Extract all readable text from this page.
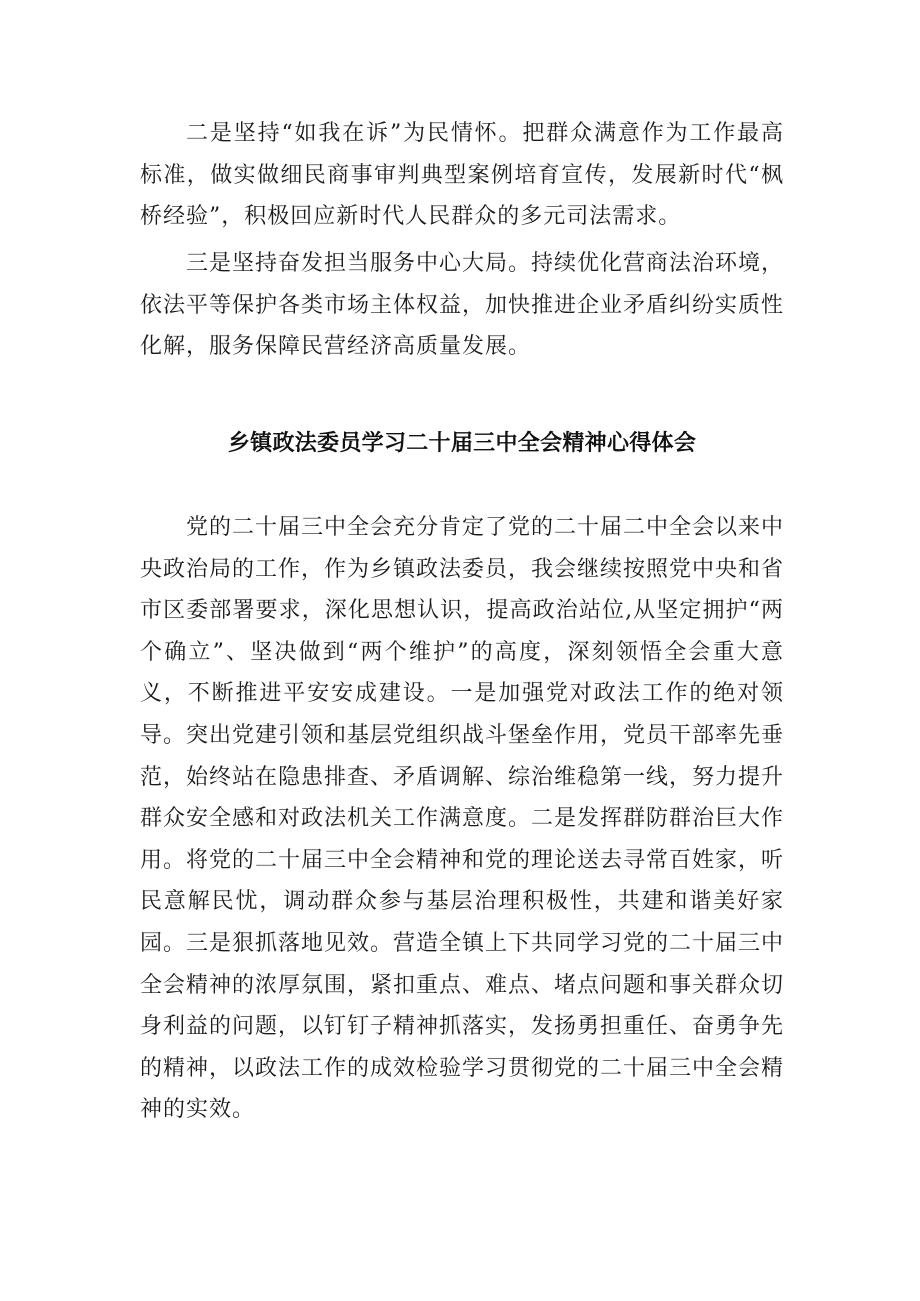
二是坚持“如我在诉”为民情怀。把群众满意作为工作最高标准，做实做细民商事审判典型案例培育宣传，发展新时代“枫桥经验”，积极回应新时代人民群众的多元司法需求。

三是坚持奋发担当服务中心大局。持续优化营商法治环境，依法平等保护各类市场主体权益，加快推进企业矛盾纠纷实质性化解，服务保障民营经济高质量发展。

乡镇政法委员学习二十届三中全会精神心得体会

党的二十届三中全会充分肯定了党的二十届二中全会以来中央政治局的工作，作为乡镇政法委员，我会继续按照党中央和省市区委部署要求，深化思想认识，提高政治站位,从坚定拥护“两个确立”、坚决做到“两个维护”的高度，深刻领悟全会重大意义，不断推进平安安成建设。一是加强党对政法工作的绝对领导。突出党建引领和基层党组织战斗堡垒作用，党员干部率先垂范，始终站在隐患排查、矛盾调解、综治维稳第一线，努力提升群众安全感和对政法机关工作满意度。二是发挥群防群治巨大作用。将党的二十届三中全会精神和党的理论送去寻常百姓家，听民意解民忧，调动群众参与基层治理积极性，共建和谐美好家园。三是狠抓落地见效。营造全镇上下共同学习党的二十届三中全会精神的浓厚氛围，紧扣重点、难点、堵点问题和事关群众切身利益的问题，以钉钉子精神抓落实，发扬勇担重任、奋勇争先的精神，以政法工作的成效检验学习贯彻党的二十届三中全会精神的实效。
